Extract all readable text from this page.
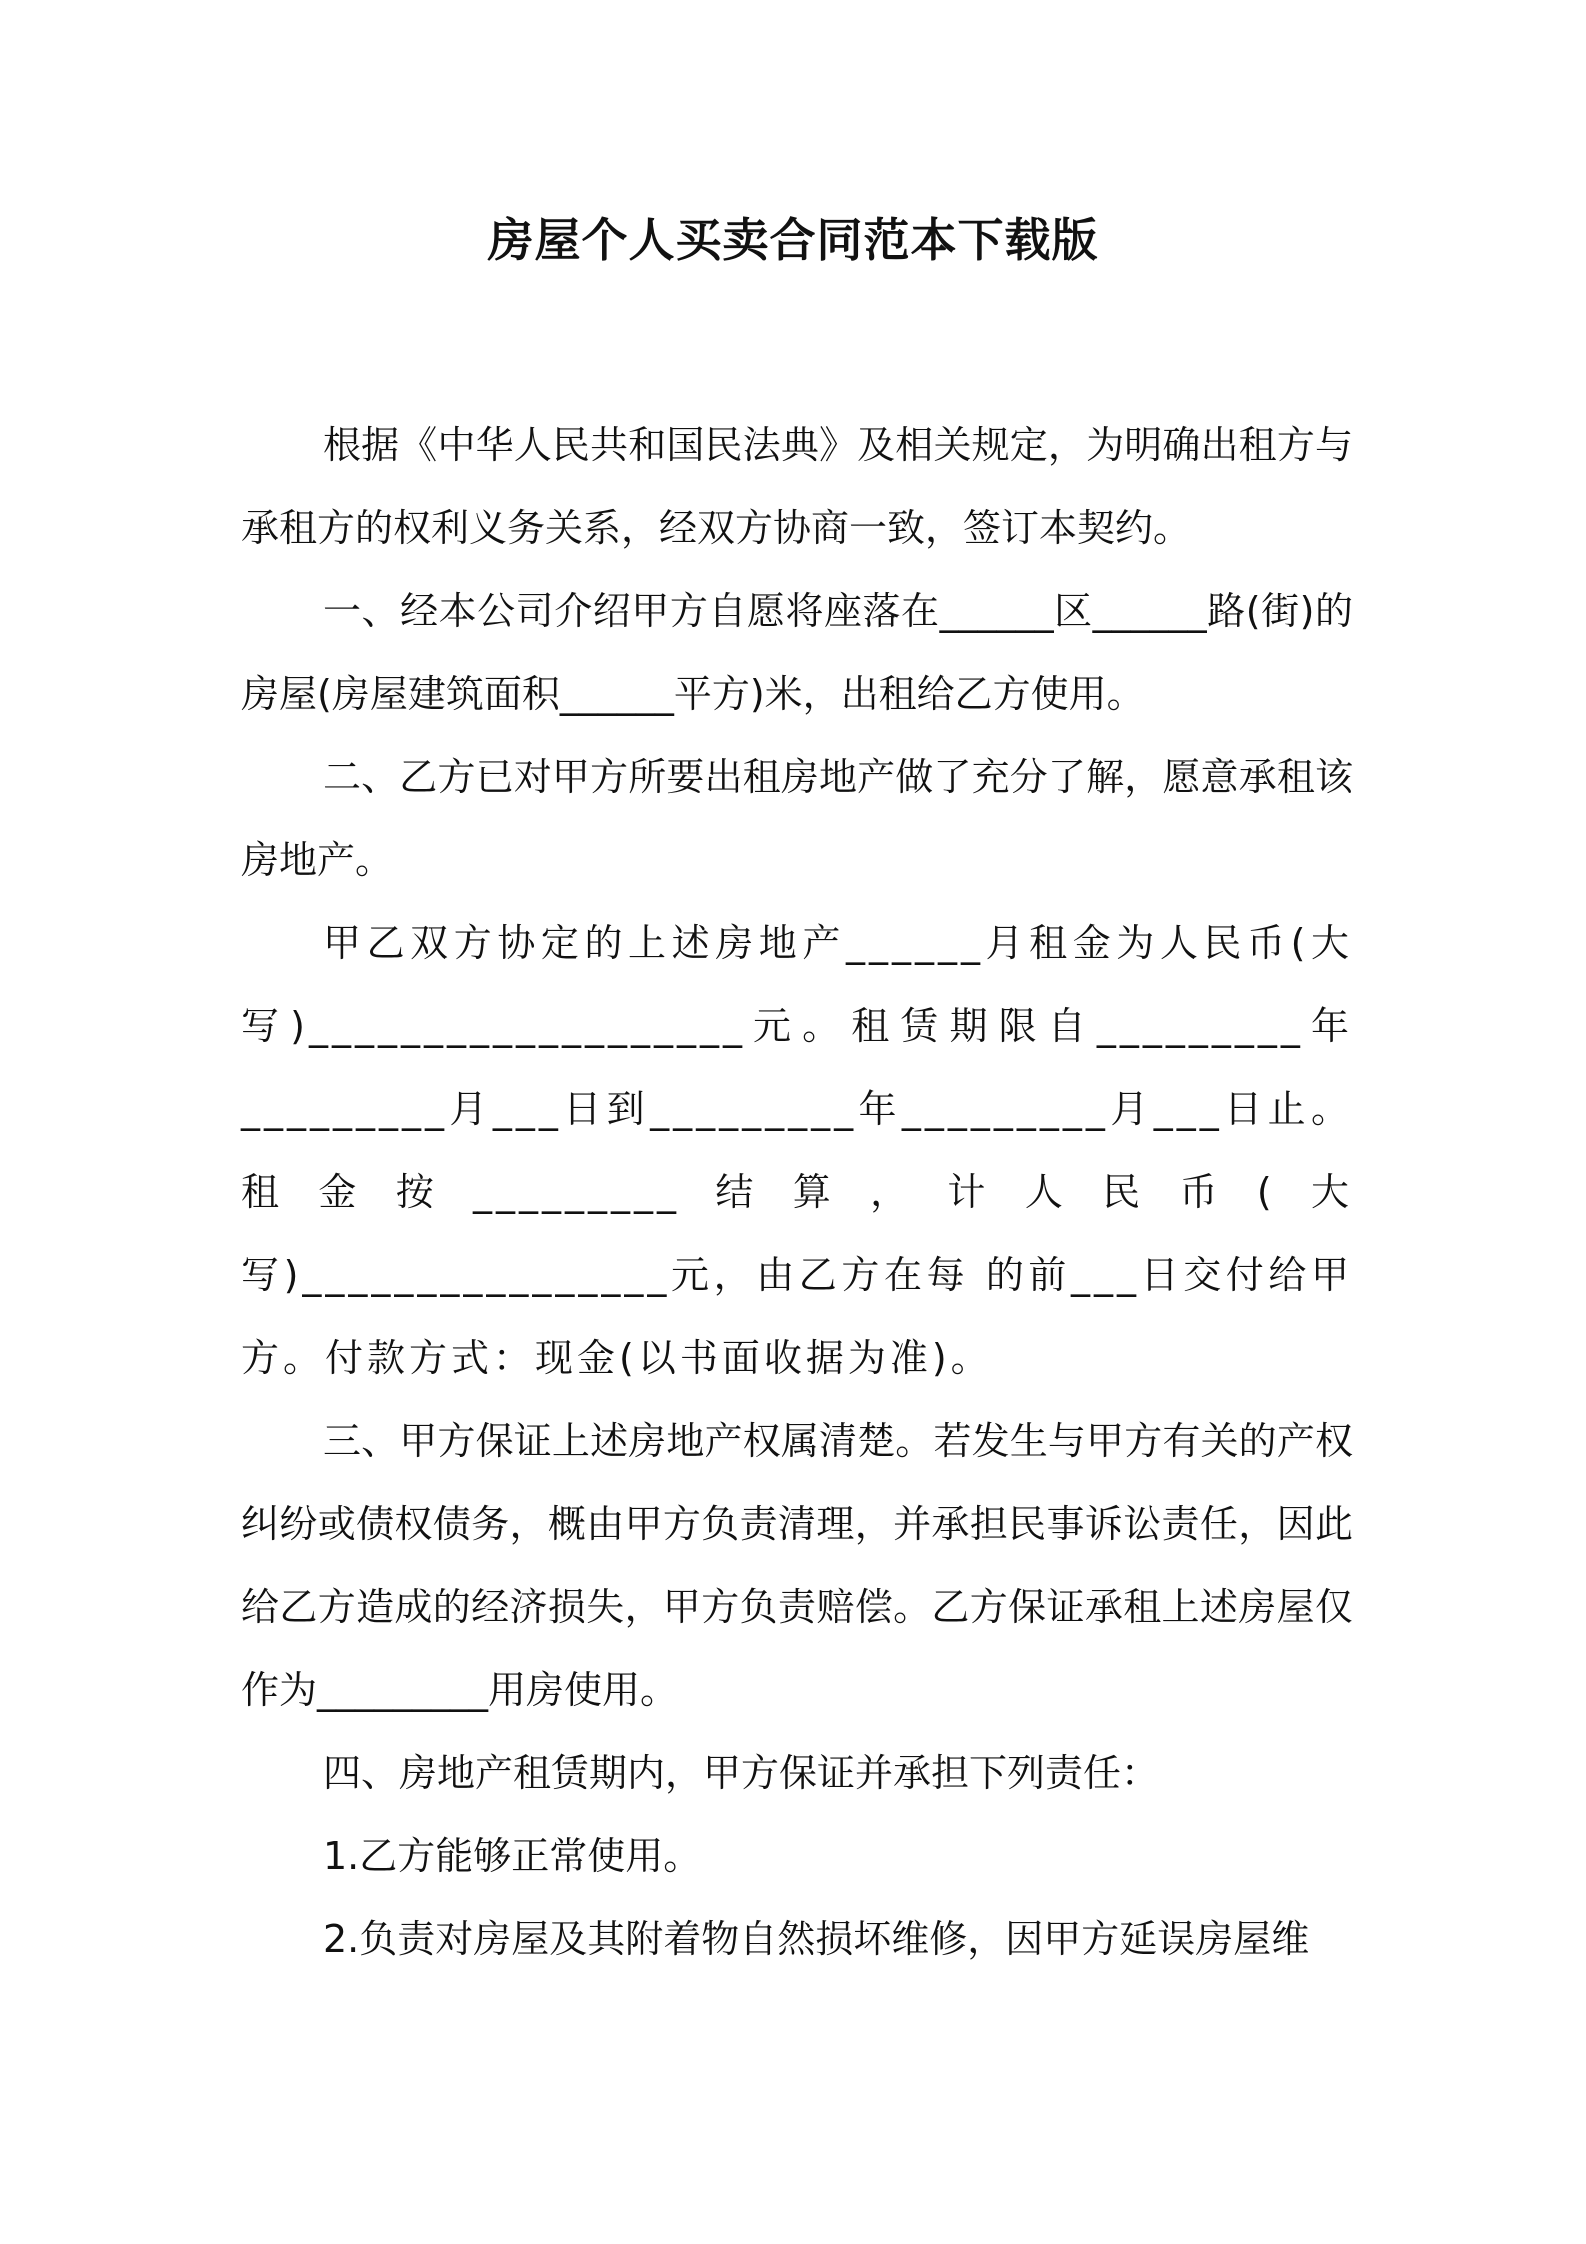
房屋个人买卖合同范本下载版

根据《中华人民共和国民法典》及相关规定，为明确出租方与承租方的权利义务关系，经双方协商一致，签订本契约。

一、经本公司介绍甲方自愿将座落在______区______路(街)的房屋(房屋建筑面积______平方)米，出租给乙方使用。

二、乙方已对甲方所要出租房地产做了充分了解，愿意承租该房地产。

甲乙双方协定的上述房地产______月租金为人民币(大写)___________________元。租赁期限自_________年_________月___日到_________年_________月___日止。租金按_________结算，计人民币(大写)________________元，由乙方在每 的前___日交付给甲方。付款方式：现金(以书面收据为准)。

三、甲方保证上述房地产权属清楚。若发生与甲方有关的产权纠纷或债权债务，概由甲方负责清理，并承担民事诉讼责任，因此给乙方造成的经济损失，甲方负责赔偿。乙方保证承租上述房屋仅作为_________用房使用。

四、房地产租赁期内，甲方保证并承担下列责任：

1.乙方能够正常使用。

2.负责对房屋及其附着物自然损坏维修，因甲方延误房屋维
